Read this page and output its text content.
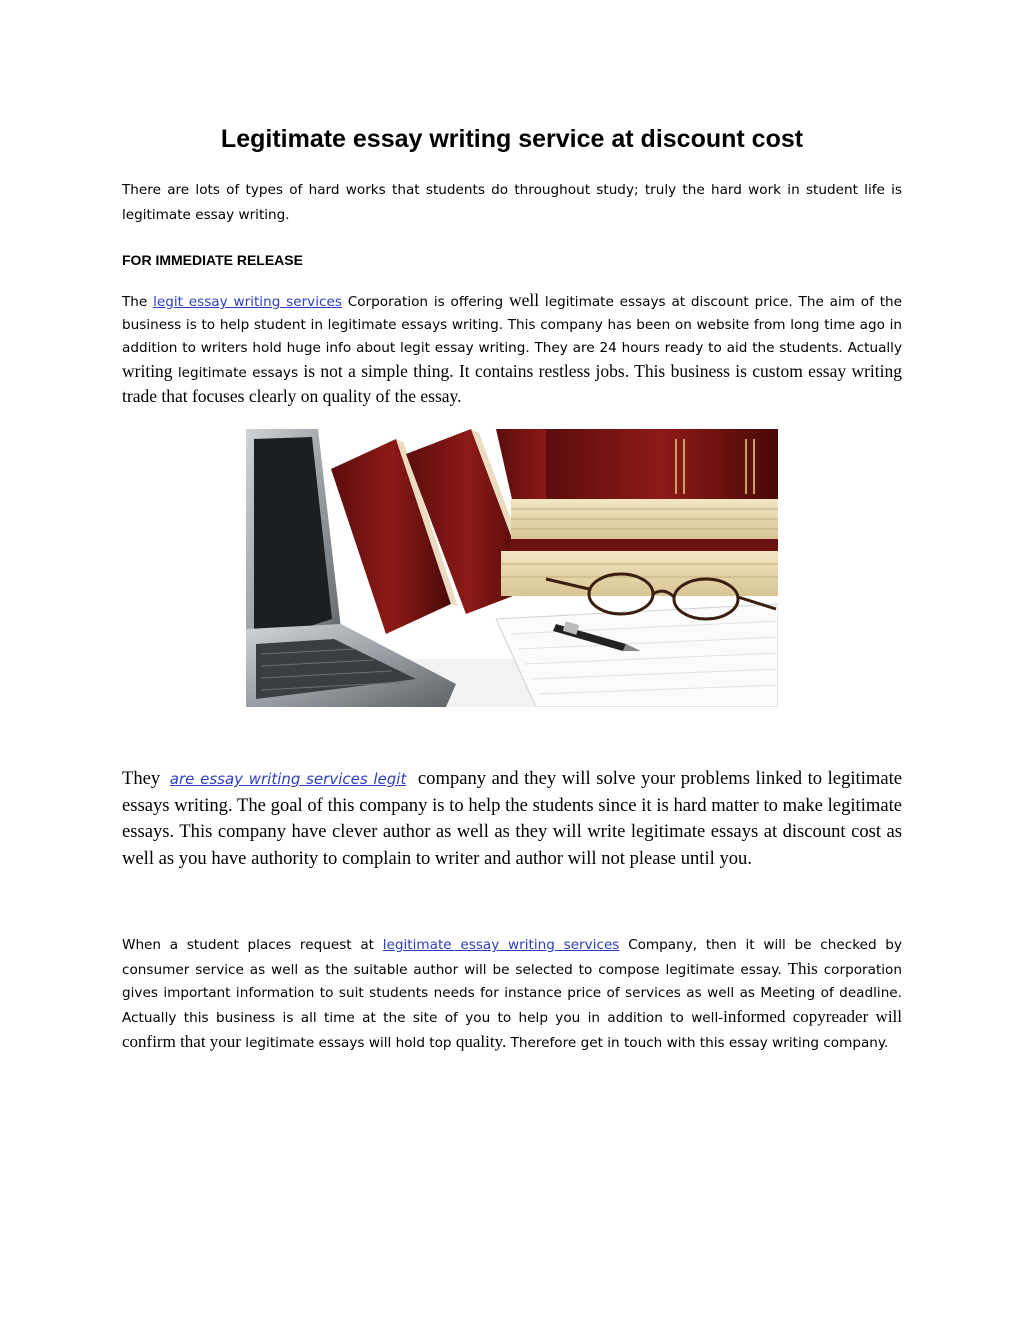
Legitimate essay writing service at discount cost

There are lots of types of hard works that students do throughout study; truly the hard work in student life is legitimate essay writing.

FOR IMMEDIATE RELEASE

The legit essay writing services Corporation is offering well legitimate essays at discount price. The aim of the business is to help student in legitimate essays writing. This company has been on website from long time ago in addition to writers hold huge info about legit essay writing. They are 24 hours ready to aid the students. Actually writing legitimate essays is not a simple thing. It contains restless jobs. This business is custom essay writing trade that focuses clearly on quality of the essay.

They are essay writing services legit company and they will solve your problems linked to legitimate essays writing. The goal of this company is to help the students since it is hard matter to make legitimate essays. This company have clever author as well as they will write legitimate essays at discount cost as well as you have authority to complain to writer and author will not please until you.

When a student places request at legitimate essay writing services Company, then it will be checked by consumer service as well as the suitable author will be selected to compose legitimate essay. This corporation gives important information to suit students needs for instance price of services as well as Meeting of deadline. Actually this business is all time at the site of you to help you in addition to well-informed copyreader will confirm that your legitimate essays will hold top quality. Therefore get in touch with this essay writing company.
